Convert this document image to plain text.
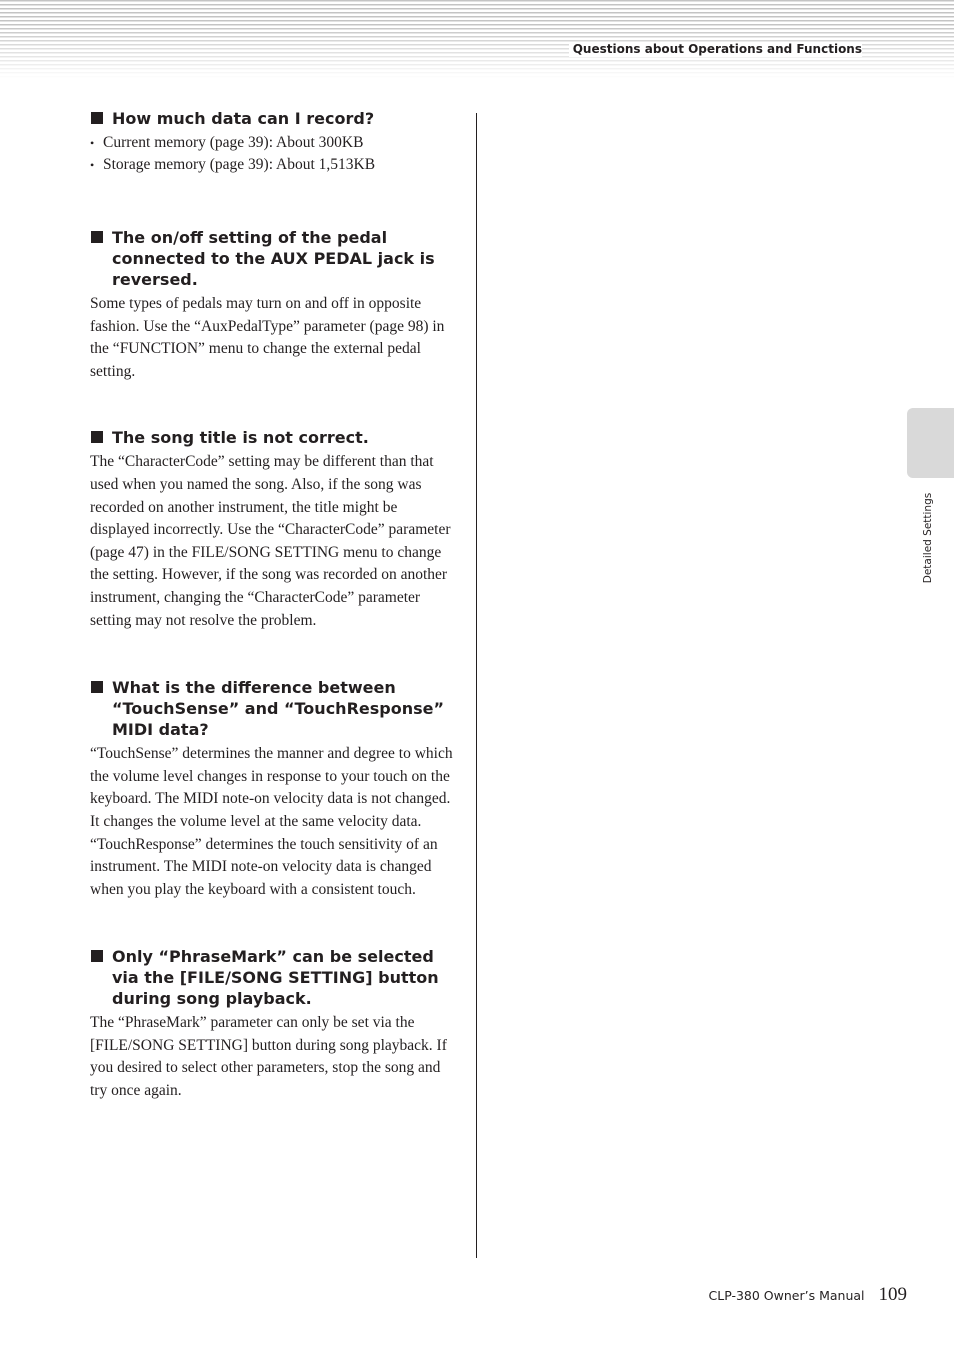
Questions about Operations and Functions
How much data can I record?
• Current memory (page 39): About 300KB
• Storage memory (page 39): About 1,513KB
The on/off setting of the pedal connected to the AUX PEDAL jack is reversed.
Some types of pedals may turn on and off in opposite fashion. Use the “AuxPedalType” parameter (page 98) in the “FUNCTION” menu to change the external pedal setting.
The song title is not correct.
The “CharacterCode” setting may be different than that used when you named the song. Also, if the song was recorded on another instrument, the title might be displayed incorrectly. Use the “CharacterCode” parameter (page 47) in the FILE/SONG SETTING menu to change the setting. However, if the song was recorded on another instrument, changing the “CharacterCode” parameter setting may not resolve the problem.
What is the difference between “TouchSense” and “TouchResponse” MIDI data?
“TouchSense” determines the manner and degree to which the volume level changes in response to your touch on the keyboard. The MIDI note-on velocity data is not changed. It changes the volume level at the same velocity data.
“TouchResponse” determines the touch sensitivity of an instrument. The MIDI note-on velocity data is changed when you play the keyboard with a consistent touch.
Only “PhraseMark” can be selected via the [FILE/SONG SETTING] button during song playback.
The “PhraseMark” parameter can only be set via the [FILE/SONG SETTING] button during song playback. If you desired to select other parameters, stop the song and try once again.
Detailed Settings
CLP-380 Owner’s Manual 109
